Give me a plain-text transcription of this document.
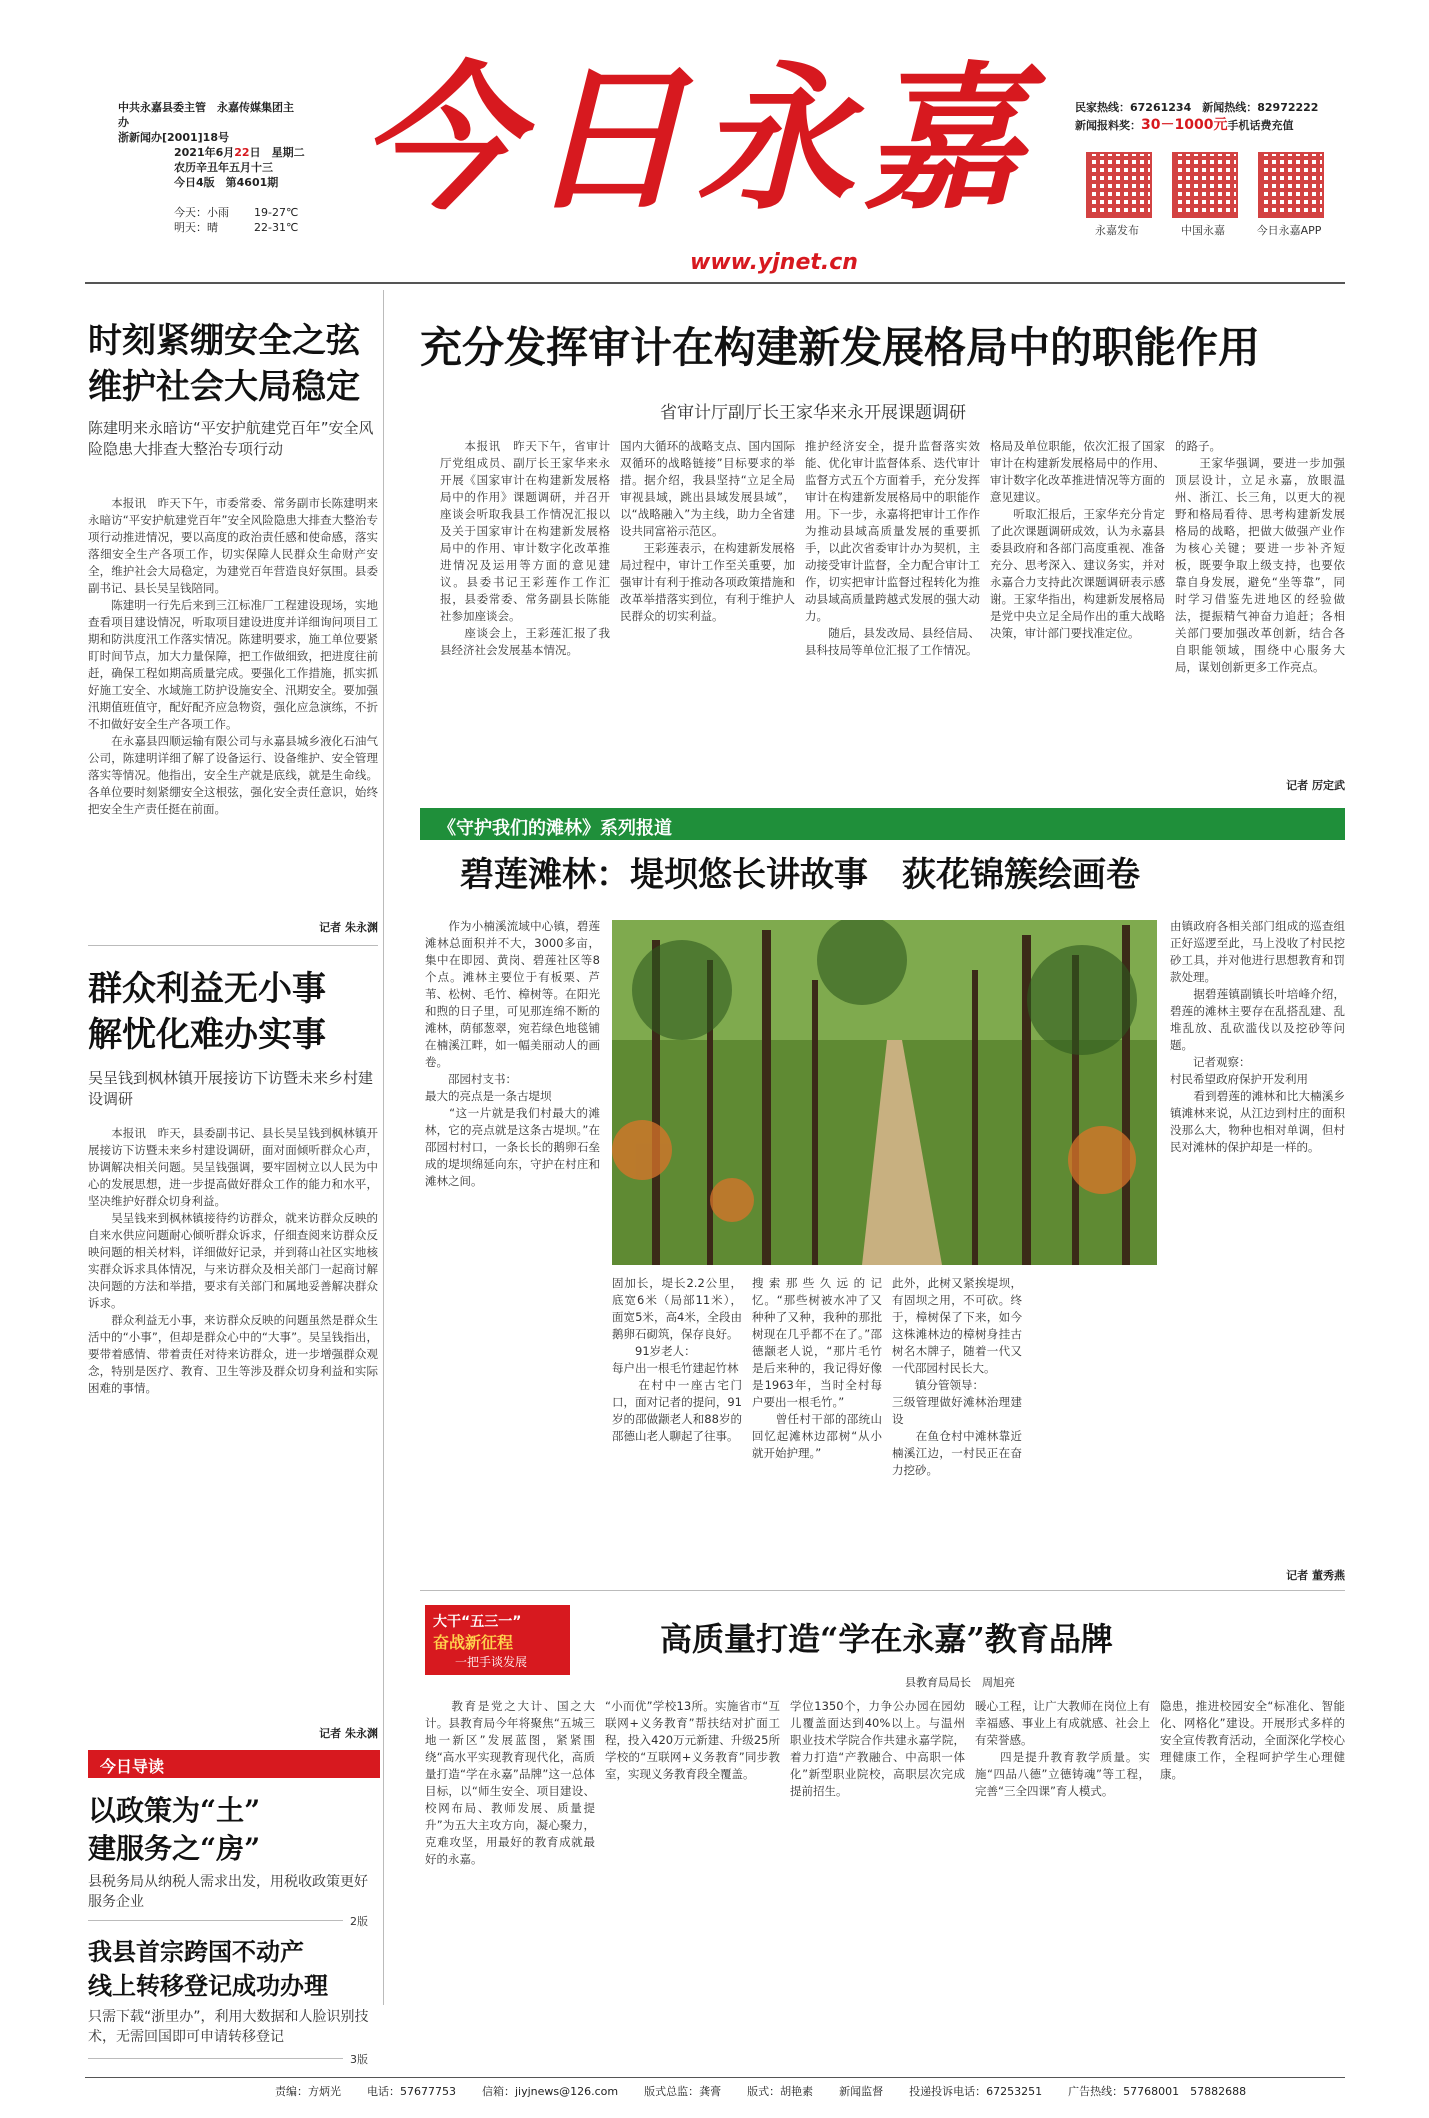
中共永嘉县委主管　永嘉传媒集团主办
浙新闻办[2001]18号
2021年6月22日　星期二
农历辛丑年五月十三
今日4版　第4601期
今天：小雨 19-27℃
明天：晴	22-31℃ 今日永嘉
www.yjnet.cn
民家热线：67261234　 新闻热线：82972222
新闻报料奖：30－1000元手机话费充值
永嘉发布	中国永嘉	今日永嘉APP
时刻紧绷安全之弦
维护社会大局稳定
陈建明来永暗访“平安护航建党百年”安全风险隐患大排查大整治专项行动
　　本报讯　昨天下午，市委常委、常务副市长陈建明来永暗访“平安护航建党百年”安全风险隐患大排查大整治专项行动推进情况，要以高度的政治责任感和使命感，落实落细安全生产各项工作，切实保障人民群众生命财产安全，维护社会大局稳定，为建党百年营造良好氛围。县委副书记、县长吴呈钱陪同。
　　陈建明一行先后来到三江标准厂工程建设现场，实地查看项目建设情况，听取项目建设进度并详细询问项目工期和防洪度汛工作落实情况。陈建明要求，施工单位要紧盯时间节点，加大力量保障，把工作做细致，把进度往前赶，确保工程如期高质量完成。要强化工作措施，抓实抓好施工安全、水域施工防护设施安全、汛期安全。要加强汛期值班值守，配好配齐应急物资，强化应急演练，不折不扣做好安全生产各项工作。
　　在永嘉县四顺运输有限公司与永嘉县城乡液化石油气公司，陈建明详细了解了设备运行、设备维护、安全管理落实等情况。他指出，安全生产就是底线，就是生命线。各单位要时刻紧绷安全这根弦，强化安全责任意识，始终把安全生产责任挺在前面。
记者 朱永渊
群众利益无小事
解忧化难办实事
吴呈钱到枫林镇开展接访下访暨未来乡村建设调研
　　本报讯　昨天，县委副书记、县长吴呈钱到枫林镇开展接访下访暨未来乡村建设调研，面对面倾听群众心声，协调解决相关问题。吴呈钱强调，要牢固树立以人民为中心的发展思想，进一步提高做好群众工作的能力和水平，坚决维护好群众切身利益。
　　吴呈钱来到枫林镇接待约访群众，就来访群众反映的自来水供应问题耐心倾听群众诉求，仔细查阅来访群众反映问题的相关材料，详细做好记录，并到蒋山社区实地核实群众诉求具体情况，与来访群众及相关部门一起商讨解决问题的方法和举措，要求有关部门和属地妥善解决群众诉求。
　　群众利益无小事，来访群众反映的问题虽然是群众生活中的“小事”，但却是群众心中的“大事”。吴呈钱指出，要带着感情、带着责任对待来访群众，进一步增强群众观念，特别是医疗、教育、卫生等涉及群众切身利益和实际困难的事情。
记者 朱永渊
今日导读
以政策为“土”
建服务之“房”
县税务局从纳税人需求出发，用税收政策更好服务企业
2版
我县首宗跨国不动产
线上转移登记成功办理
只需下载“浙里办”，利用大数据和人脸识别技术，无需回国即可申请转移登记
3版
充分发挥审计在构建新发展格局中的职能作用
省审计厅副厅长王家华来永开展课题调研
　　本报讯　昨天下午，省审计厅党组成员、副厅长王家华来永开展《国家审计在构建新发展格局中的作用》课题调研，并召开座谈会听取我县工作情况汇报以及关于国家审计在构建新发展格局中的作用、审计数字化改革推进情况及运用等方面的意见建议。县委书记王彩莲作工作汇报，县委常委、常务副县长陈能社参加座谈会。
　　座谈会上，王彩莲汇报了我县经济社会发展基本情况。
国内大循环的战略支点、国内国际双循环的战略链接”目标要求的举措。据介绍，我县坚持“立足全局审视县域，跳出县域发展县域”，以“战略融入”为主线，助力全省建设共同富裕示范区。
　　王彩莲表示，在构建新发展格局过程中，审计工作至关重要，加强审计有利于推动各项政策措施和改革举措落实到位，有利于维护人民群众的切实利益。
推护经济安全，提升监督落实效能、优化审计监督体系、迭代审计监督方式五个方面着手，充分发挥审计在构建新发展格局中的职能作用。下一步，永嘉将把审计工作作为推动县域高质量发展的重要抓手，以此次省委审计办为契机，主动接受审计监督，全力配合审计工作，切实把审计监督过程转化为推动县域高质量跨越式发展的强大动力。
　　随后，县发改局、县经信局、县科技局等单位汇报了工作情况。
格局及单位职能，依次汇报了国家审计在构建新发展格局中的作用、审计数字化改革推进情况等方面的意见建议。
　　听取汇报后，王家华充分肯定了此次课题调研成效，认为永嘉县委县政府和各部门高度重视、准备充分、思考深入、建议务实，并对永嘉合力支持此次课题调研表示感谢。王家华指出，构建新发展格局是党中央立足全局作出的重大战略决策，审计部门要找准定位。
的路子。
　　王家华强调，要进一步加强顶层设计，立足永嘉，放眼温州、浙江、长三角，以更大的视野和格局看待、思考构建新发展格局的战略，把做大做强产业作为核心关键；要进一步补齐短板，既要争取上级支持，也要依靠自身发展，避免“坐等靠”，同时学习借鉴先进地区的经验做法，提振精气神奋力追赶；各相关部门要加强改革创新，结合各自职能领域，围绕中心服务大局，谋划创新更多工作亮点。
记者 厉定武
《守护我们的滩林》系列报道
碧莲滩林：堤坝悠长讲故事　荻花锦簇绘画卷
　　作为小楠溪流域中心镇，碧莲滩林总面积并不大，3000多亩，集中在即园、黄岗、碧莲社区等8个点。滩林主要位于有板栗、芦苇、松树、毛竹、樟树等。在阳光和煦的日子里，可见那连绵不断的滩林，荫郁葱翠，宛若绿色地毯铺在楠溪江畔，如一幅美丽动人的画卷。
　　邵园村支书：
最大的亮点是一条古堤坝
　　“这一片就是我们村最大的滩林，它的亮点就是这条古堤坝。”在邵园村村口，一条长长的鹅卵石垒成的堤坝绵延向东，守护在村庄和滩林之间。
固加长，堤长2.2公里，底宽6米（局部11米），面宽5米，高4米，全段由鹅卵石砌筑，保存良好。
　　91岁老人：
每户出一根毛竹建起竹林
　　在村中一座古宅门口，面对记者的提问，91岁的邵做颛老人和88岁的邵德山老人聊起了往事。
搜索那些久远的记忆。“那些树被水冲了又种种了又种，我种的那批树现在几乎都不在了。”邵德颛老人说，“那片毛竹是后来种的，我记得好像是1963年，当时全村每户要出一根毛竹。”
　　曾任村干部的邵统山回忆起滩林边邵树“从小就开始护理。”
此外，此树又紧挨堤坝，有固坝之用，不可砍。终于，樟树保了下来，如今这株滩林边的樟树身挂古树名木牌子，随着一代又一代邵园村民长大。
　　镇分管领导：
三级管理做好滩林治理建设
　　在鱼仓村中滩林靠近楠溪江边，一村民正在奋力挖砂。
由镇政府各相关部门组成的巡查组正好巡逻至此，马上没收了村民挖砂工具，并对他进行思想教育和罚款处理。
　　据碧莲镇副镇长叶培峰介绍，碧莲的滩林主要存在乱搭乱建、乱堆乱放、乱砍滥伐以及挖砂等问题。
　　记者观察：
村民希望政府保护开发利用
　　看到碧莲的滩林和比大楠溪乡镇滩林来说，从江边到村庄的面积没那么大，物种也相对单调，但村民对滩林的保护却是一样的。
记者 董秀燕
大干“五三一”
奋战新征程
一把手谈发展
高质量打造“学在永嘉”教育品牌
县教育局局长　周旭亮
　　教育是党之大计、国之大计。县教育局今年将聚焦“五城三地一新区”发展蓝图，紧紧围绕“高水平实现教育现代化，高质量打造“学在永嘉”品牌”这一总体目标，以“师生安全、项目建设、校网布局、教师发展、质量提升”为五大主攻方向，凝心聚力，克难攻坚，用最好的教育成就最好的永嘉。
“小而优”学校13所。实施省市“互联网+义务教育”帮扶结对扩面工程，投入420万元新建、升级25所学校的“互联网+义务教育”同步教室，实现义务教育段全覆盖。
学位1350个，力争公办园在园幼儿覆盖面达到40%以上。与温州职业技术学院合作共建永嘉学院，着力打造“产教融合、中高职一体化”新型职业院校，高职层次完成提前招生。
暖心工程，让广大教师在岗位上有幸福感、事业上有成就感、社会上有荣誉感。
　　四是提升教育教学质量。实施“四品八德”立德铸魂”等工程，完善“三全四课”育人模式。
隐患，推进校园安全“标准化、智能化、网格化”建设。开展形式多样的安全宣传教育活动，全面深化学校心理健康工作，全程呵护学生心理健康。
责编：方炳光 电话：57677753 信箱：jiyjnews@126.com 版式总监：龚膏 版式：胡艳素 新闻监督 投递投诉电话：67253251 广告热线：57768001　57882688
